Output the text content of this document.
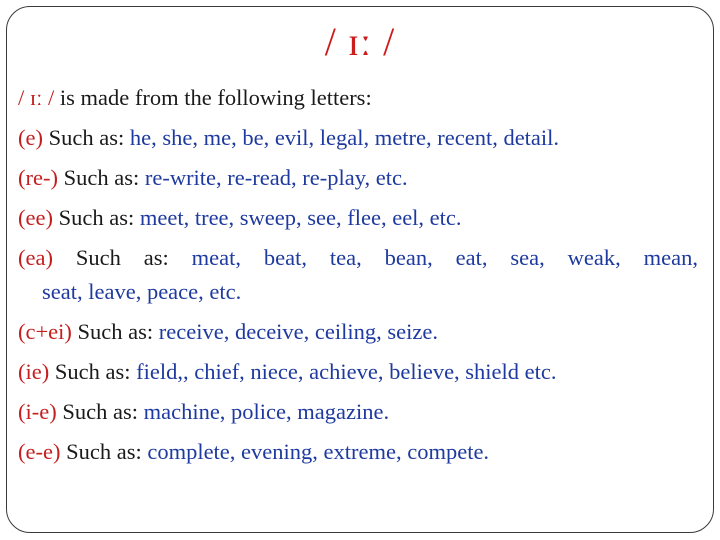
/ ɪː /
/ ɪː / is made from the following letters:
(e) Such as: he, she, me, be, evil, legal, metre, recent, detail.
(re-) Such as: re-write, re-read, re-play, etc.
(ee) Such as: meet, tree, sweep, see, flee, eel, etc.
(ea) Such as: meat, beat, tea, bean, eat, sea, weak, mean,
seat, leave, peace, etc.
(c+ei) Such as: receive, deceive, ceiling, seize.
(ie) Such as: field,, chief, niece, achieve, believe, shield etc.
(i-e) Such as: machine, police, magazine.
(e-e) Such as: complete, evening, extreme, compete.
